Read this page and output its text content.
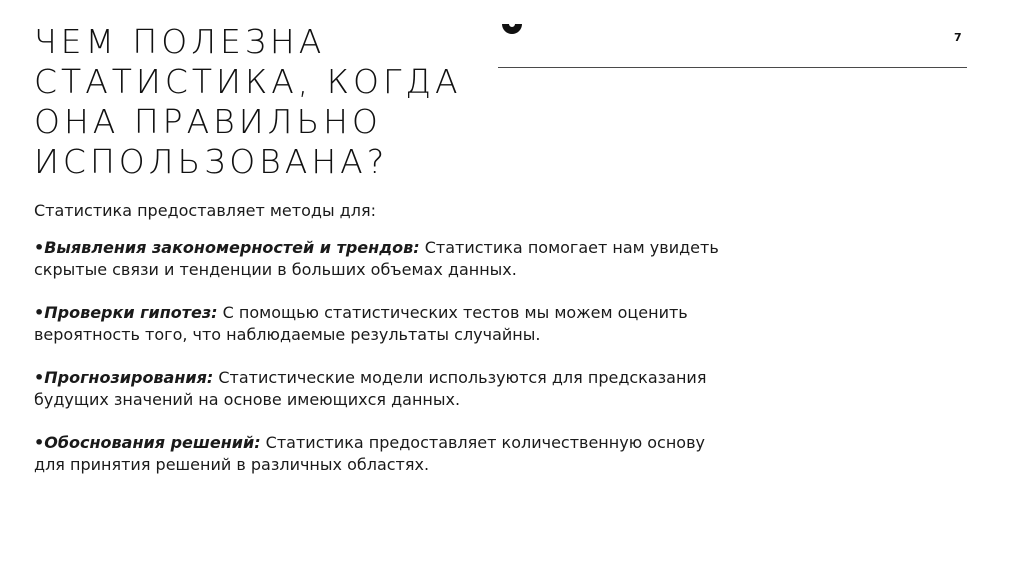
ЧЕМ ПОЛЕЗНА
СТАТИСТИКА, КОГДА
ОНА ПРАВИЛЬНО
ИСПОЛЬЗОВАНА?
7

Статистика предоставляет методы для:

•Выявления закономерностей и трендов: Статистика помогает нам увидеть скрытые связи и тенденции в больших объемах данных.

•Проверки гипотез: С помощью статистических тестов мы можем оценить вероятность того, что наблюдаемые результаты случайны.

•Прогнозирования: Статистические модели используются для предсказания будущих значений на основе имеющихся данных.

•Обоснования решений: Статистика предоставляет количественную основу для принятия решений в различных областях.
